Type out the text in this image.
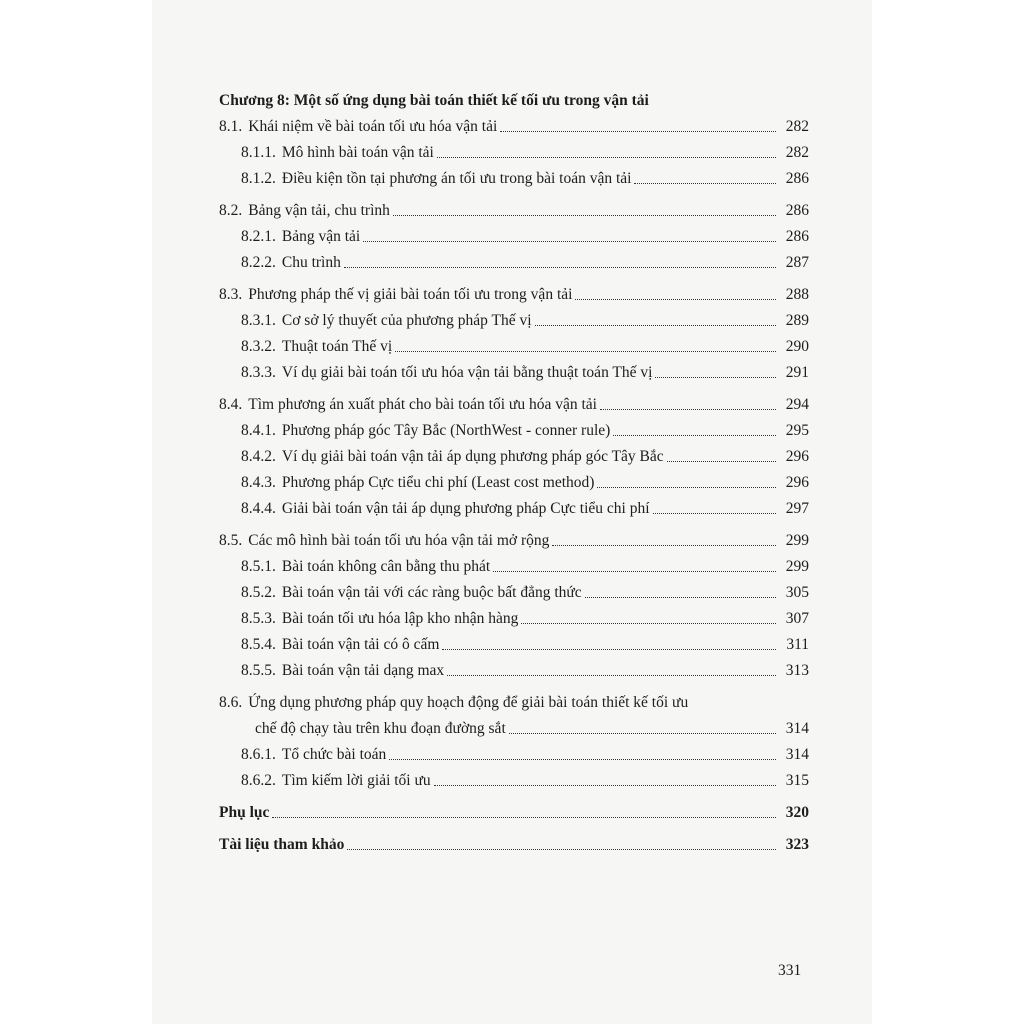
Chương 8: Một số ứng dụng bài toán thiết kế tối ưu trong vận tải
8.1. Khái niệm về bài toán tối ưu hóa vận tải	282
8.1.1. Mô hình bài toán vận tải	282
8.1.2. Điều kiện tồn tại phương án tối ưu trong bài toán vận tải	286
8.2. Bảng vận tải, chu trình	286
8.2.1. Bảng vận tải	286
8.2.2. Chu trình	287
8.3. Phương pháp thế vị giải bài toán tối ưu trong vận tải	288
8.3.1. Cơ sở lý thuyết của phương pháp Thế vị	289
8.3.2. Thuật toán Thế vị	290
8.3.3. Ví dụ giải bài toán tối ưu hóa vận tải bằng thuật toán Thế vị	291
8.4. Tìm phương án xuất phát cho bài toán tối ưu hóa vận tải	294
8.4.1. Phương pháp góc Tây Bắc (NorthWest - conner rule)	295
8.4.2. Ví dụ giải bài toán vận tải áp dụng phương pháp góc Tây Bắc	296
8.4.3. Phương pháp Cực tiểu chi phí (Least cost method)	296
8.4.4. Giải bài toán vận tải áp dụng phương pháp Cực tiểu chi phí	297
8.5. Các mô hình bài toán tối ưu hóa vận tải mở rộng	299
8.5.1. Bài toán không cân bằng thu phát	299
8.5.2. Bài toán vận tải với các ràng buộc bất đẳng thức	305
8.5.3. Bài toán tối ưu hóa lập kho nhận hàng	307
8.5.4. Bài toán vận tải có ô cấm	311
8.5.5. Bài toán vận tải dạng max	313
8.6. Ứng dụng phương pháp quy hoạch động để giải bài toán thiết kế tối ưu
chế độ chạy tàu trên khu đoạn đường sắt	314
8.6.1. Tổ chức bài toán	314
8.6.2. Tìm kiếm lời giải tối ưu	315
Phụ lục	320
Tài liệu tham khảo	323
331
